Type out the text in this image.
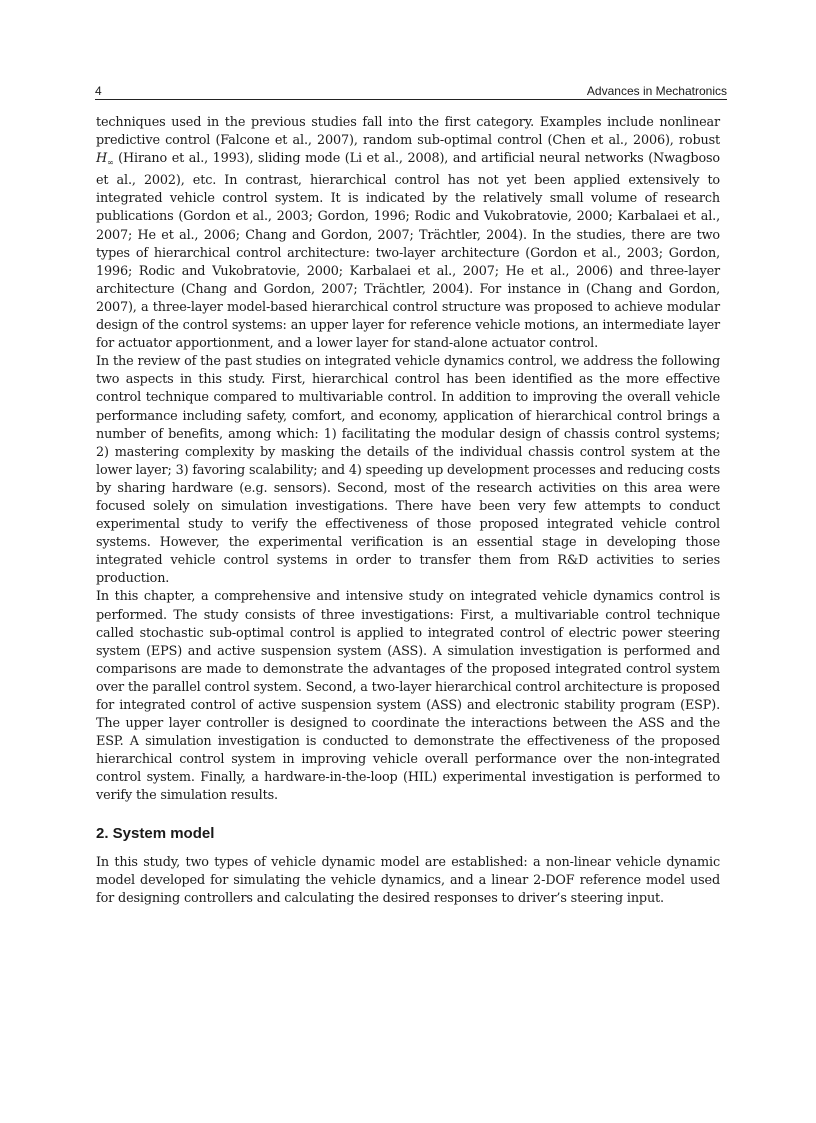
4	Advances in Mechatronics

techniques used in the previous studies fall into the first category. Examples include nonlinear predictive control (Falcone et al., 2007), random sub-optimal control (Chen et al., 2006), robust $H_\infty$ (Hirano et al., 1993), sliding mode (Li et al., 2008), and artificial neural networks (Nwagboso et al., 2002), etc. In contrast, hierarchical control has not yet been applied extensively to integrated vehicle control system. It is indicated by the relatively small volume of research publications (Gordon et al., 2003; Gordon, 1996; Rodic and Vukobratovie, 2000; Karbalaei et al., 2007; He et al., 2006; Chang and Gordon, 2007; Trächtler, 2004). In the studies, there are two types of hierarchical control architecture: two-layer architecture (Gordon et al., 2003; Gordon, 1996; Rodic and Vukobratovie, 2000; Karbalaei et al., 2007; He et al., 2006) and three-layer architecture (Chang and Gordon, 2007; Trächtler, 2004). For instance in (Chang and Gordon, 2007), a three-layer model-based hierarchical control structure was proposed to achieve modular design of the control systems: an upper layer for reference vehicle motions, an intermediate layer for actuator apportionment, and a lower layer for stand-alone actuator control.

In the review of the past studies on integrated vehicle dynamics control, we address the following two aspects in this study. First, hierarchical control has been identified as the more effective control technique compared to multivariable control. In addition to improving the overall vehicle performance including safety, comfort, and economy, application of hierarchical control brings a number of benefits, among which: 1) facilitating the modular design of chassis control systems; 2) mastering complexity by masking the details of the individual chassis control system at the lower layer; 3) favoring scalability; and 4) speeding up development processes and reducing costs by sharing hardware (e.g. sensors). Second, most of the research activities on this area were focused solely on simulation investigations. There have been very few attempts to conduct experimental study to verify the effectiveness of those proposed integrated vehicle control systems. However, the experimental verification is an essential stage in developing those integrated vehicle control systems in order to transfer them from R&D activities to series production.

In this chapter, a comprehensive and intensive study on integrated vehicle dynamics control is performed. The study consists of three investigations: First, a multivariable control technique called stochastic sub-optimal control is applied to integrated control of electric power steering system (EPS) and active suspension system (ASS). A simulation investigation is performed and comparisons are made to demonstrate the advantages of the proposed integrated control system over the parallel control system. Second, a two-layer hierarchical control architecture is proposed for integrated control of active suspension system (ASS) and electronic stability program (ESP). The upper layer controller is designed to coordinate the interactions between the ASS and the ESP. A simulation investigation is conducted to demonstrate the effectiveness of the proposed hierarchical control system in improving vehicle overall performance over the non-integrated control system. Finally, a hardware-in-the-loop (HIL) experimental investigation is performed to verify the simulation results.

2. System model

In this study, two types of vehicle dynamic model are established: a non-linear vehicle dynamic model developed for simulating the vehicle dynamics, and a linear 2-DOF reference model used for designing controllers and calculating the desired responses to driver’s steering input.
